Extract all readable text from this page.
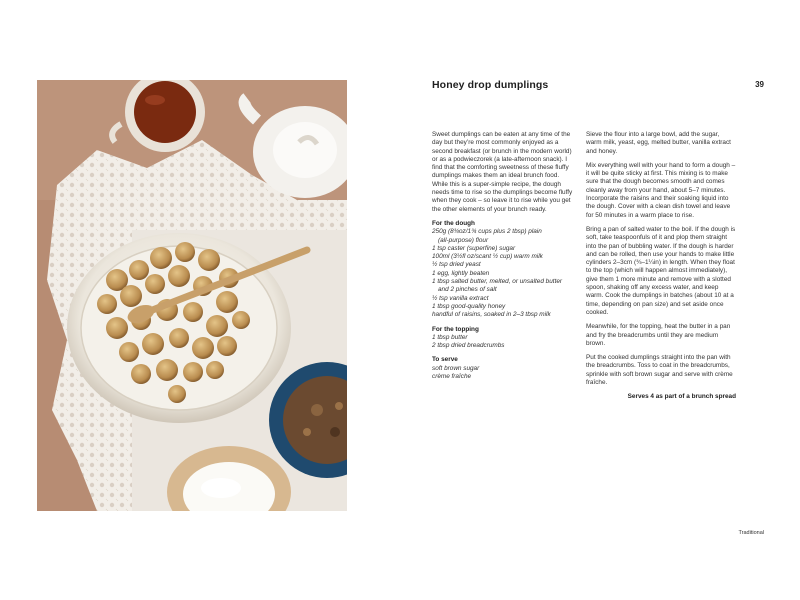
Honey drop dumplings	39

Sweet dumplings can be eaten at any time of the day but they’re most commonly enjoyed as a second breakfast (or brunch in the modern world) or as a podwieczorek (a late-afternoon snack). I find that the comforting sweetness of these fluffy dumplings makes them an ideal brunch food. While this is a super-simple recipe, the dough needs time to rise so the dumplings become fluffy when they cook – so leave it to rise while you get the other elements of your brunch ready.

For the dough
250g (8¾oz/1¾ cups plus 2 tbsp) plain
(all-purpose) flour
1 tsp caster (superfine) sugar
100ml (3½fl oz/scant ½ cup) warm milk
½ tsp dried yeast
1 egg, lightly beaten
1 tbsp salted butter, melted, or unsalted butter
and 2 pinches of salt
½ tsp vanilla extract
1 tbsp good-quality honey
handful of raisins, soaked in 2–3 tbsp milk
For the topping
1 tbsp butter
2 tbsp dried breadcrumbs
To serve
soft brown sugar
crème fraîche

Sieve the flour into a large bowl, add the sugar, warm milk, yeast, egg, melted butter, vanilla extract and honey.

Mix everything well with your hand to form a dough – it will be quite sticky at first. This mixing is to make sure that the dough becomes smooth and comes cleanly away from your hand, about 5–7 minutes. Incorporate the raisins and their soaking liquid into the dough. Cover with a clean dish towel and leave for 50 minutes in a warm place to rise.

Bring a pan of salted water to the boil. If the dough is soft, take teaspoonfuls of it and plop them straight into the pan of bubbling water. If the dough is harder and can be rolled, then use your hands to make little cylinders 2–3cm (¾–1¼in) in length. When they float to the top (which will happen almost immediately), give them 1 more minute and remove with a slotted spoon, shaking off any excess water, and keep warm. Cook the dumplings in batches (about 10 at a time, depending on pan size) and set aside once cooked.

Meanwhile, for the topping, heat the butter in a pan and fry the breadcrumbs until they are medium brown.

Put the cooked dumplings straight into the pan with the breadcrumbs. Toss to coat in the breadcrumbs, sprinkle with soft brown sugar and serve with crème fraîche.

Serves 4 as part of a brunch spread

Traditional
